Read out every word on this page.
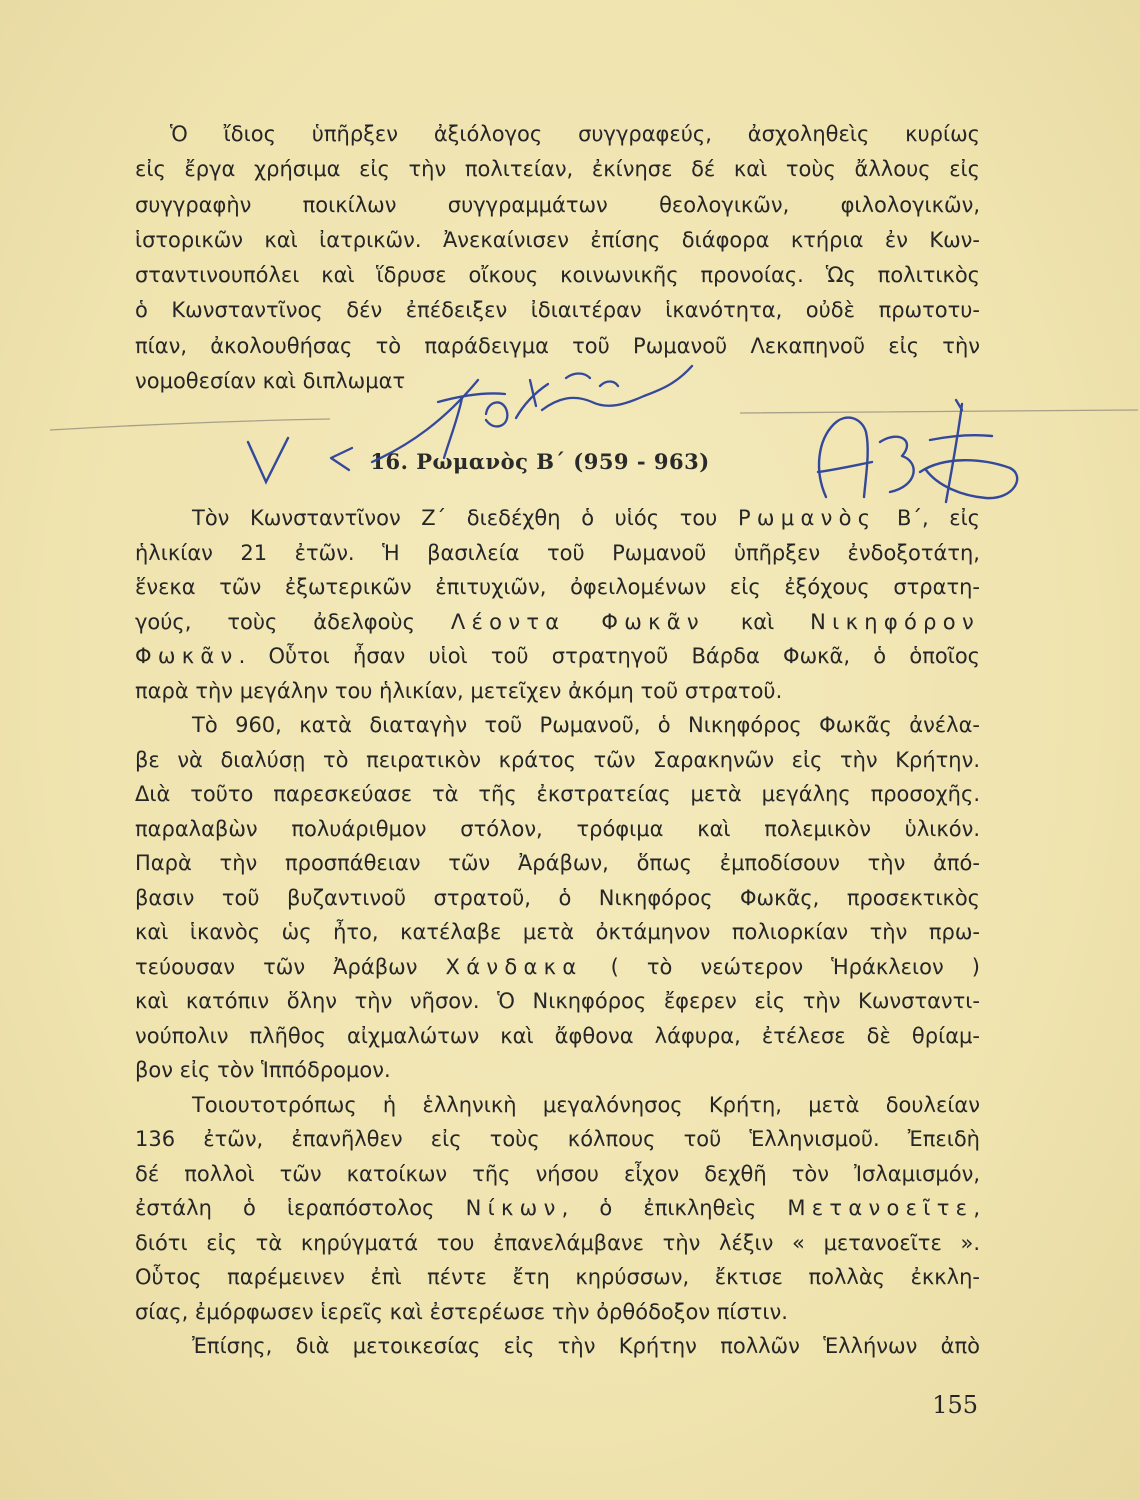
Ὁ ἴδιος ὑπῆρξεν ἀξιόλογος συγγραφεύς, ἀσχοληθεὶς κυρίως
εἰς ἔργα χρήσιμα εἰς τὴν πολιτείαν, ἐκίνησε δέ καὶ τοὺς ἄλλους εἰς
συγγραφὴν ποικίλων συγγραμμάτων θεολογικῶν, φιλολογικῶν,
ἱστορικῶν καὶ ἰατρικῶν. Ἀνεκαίνισεν ἐπίσης διάφορα κτήρια ἐν Κων-
σταντινουπόλει καὶ ἵδρυσε οἴκους κοινωνικῆς προνοίας. Ὡς πολιτικὸς
ὁ Κωνσταντῖνος δέν ἐπέδειξεν ἰδιαιτέραν ἱκανότητα, οὐδὲ πρωτοτυ-
πίαν, ἀκολουθήσας τὸ παράδειγμα τοῦ Ρωμανοῦ Λεκαπηνοῦ εἰς τὴν
νομοθεσίαν καὶ διπλωματ
16. Ρωμανὸς Β΄ (959 - 963)
Τὸν Κωνσταντῖνον Ζ΄ διεδέχθη ὁ υἱός του Ρωμανὸς Β΄, εἰς
ἡλικίαν 21 ἐτῶν. Ἡ βασιλεία τοῦ Ρωμανοῦ ὑπῆρξεν ἐνδοξοτάτη,
ἕνεκα τῶν ἐξωτερικῶν ἐπιτυχιῶν, ὀφειλομένων εἰς ἐξόχους στρατη-
γούς, τοὺς ἀδελφοὺς Λέοντα Φωκᾶν καὶ Νικηφόρον
Φωκᾶν. Οὗτοι ἦσαν υἱοὶ τοῦ στρατηγοῦ Βάρδα Φωκᾶ, ὁ ὁποῖος
παρὰ τὴν μεγάλην του ἡλικίαν, μετεῖχεν ἀκόμη τοῦ στρατοῦ.
Τὸ 960, κατὰ διαταγὴν τοῦ Ρωμανοῦ, ὁ Νικηφόρος Φωκᾶς ἀνέλα-
βε νὰ διαλύσῃ τὸ πειρατικὸν κράτος τῶν Σαρακηνῶν εἰς τὴν Κρήτην.
Διὰ τοῦτο παρεσκεύασε τὰ τῆς ἐκστρατείας μετὰ μεγάλης προσοχῆς.
παραλαβὼν πολυάριθμον στόλον, τρόφιμα καὶ πολεμικὸν ὑλικόν.
Παρὰ τὴν προσπάθειαν τῶν Ἀράβων, ὅπως ἐμποδίσουν τὴν ἀπό-
βασιν τοῦ βυζαντινοῦ στρατοῦ, ὁ Νικηφόρος Φωκᾶς, προσεκτικὸς
καὶ ἱκανὸς ὡς ἦτο, κατέλαβε μετὰ ὀκτάμηνον πολιορκίαν τὴν πρω-
τεύουσαν τῶν Ἀράβων Χάνδακα ( τὸ νεώτερον Ἡράκλειον )
καὶ κατόπιν ὅλην τὴν νῆσον. Ὁ Νικηφόρος ἔφερεν εἰς τὴν Κωνσταντι-
νούπολιν πλῆθος αἰχμαλώτων καὶ ἄφθονα λάφυρα, ἐτέλεσε δὲ θρίαμ-
βον εἰς τὸν Ἱππόδρομον.
Τοιουτοτρόπως ἡ ἑλληνικὴ μεγαλόνησος Κρήτη, μετὰ δουλείαν
136 ἐτῶν, ἐπανῆλθεν εἰς τοὺς κόλπους τοῦ Ἑλληνισμοῦ. Ἐπειδὴ
δέ πολλοὶ τῶν κατοίκων τῆς νήσου εἶχον δεχθῆ τὸν Ἰσλαμισμόν,
ἐστάλη ὁ ἱεραπόστολος Νίκων, ὁ ἐπικληθεὶς Μετανοεῖτε,
διότι εἰς τὰ κηρύγματά του ἐπανελάμβανε τὴν λέξιν « μετανοεῖτε ».
Οὗτος παρέμεινεν ἐπὶ πέντε ἔτη κηρύσσων, ἔκτισε πολλὰς ἐκκλη-
σίας, ἐμόρφωσεν ἱερεῖς καὶ ἐστερέωσε τὴν ὀρθόδοξον πίστιν.
Ἐπίσης, διὰ μετοικεσίας εἰς τὴν Κρήτην πολλῶν Ἑλλήνων ἀπὸ
155
